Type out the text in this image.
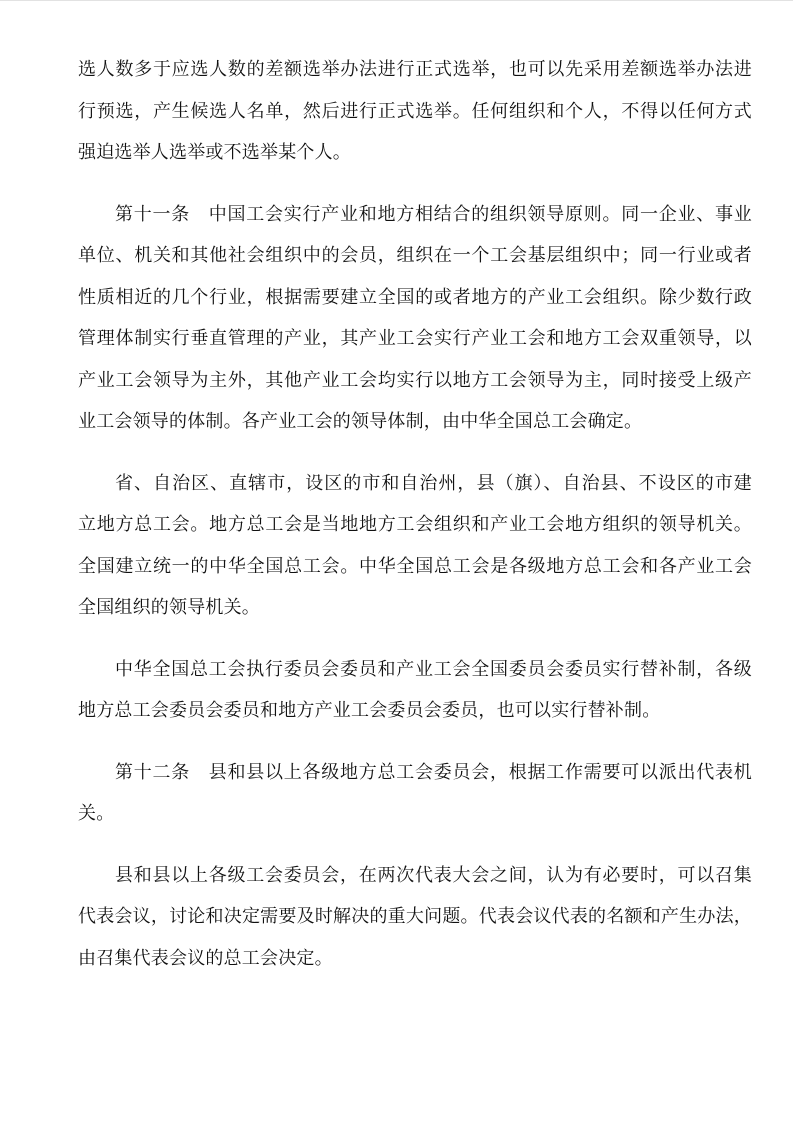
选人数多于应选人数的差额选举办法进行正式选举，也可以先采用差额选举办法进
行预选，产生候选人名单，然后进行正式选举。任何组织和个人，不得以任何方式
强迫选举人选举或不选举某个人。

第十一条　中国工会实行产业和地方相结合的组织领导原则。同一企业、事业
单位、机关和其他社会组织中的会员，组织在一个工会基层组织中；同一行业或者
性质相近的几个行业，根据需要建立全国的或者地方的产业工会组织。除少数行政
管理体制实行垂直管理的产业，其产业工会实行产业工会和地方工会双重领导，以
产业工会领导为主外，其他产业工会均实行以地方工会领导为主，同时接受上级产
业工会领导的体制。各产业工会的领导体制，由中华全国总工会确定。

省、自治区、直辖市，设区的市和自治州，县（旗）、自治县、不设区的市建
立地方总工会。地方总工会是当地地方工会组织和产业工会地方组织的领导机关。
全国建立统一的中华全国总工会。中华全国总工会是各级地方总工会和各产业工会
全国组织的领导机关。

中华全国总工会执行委员会委员和产业工会全国委员会委员实行替补制，各级
地方总工会委员会委员和地方产业工会委员会委员，也可以实行替补制。

第十二条　县和县以上各级地方总工会委员会，根据工作需要可以派出代表机
关。

县和县以上各级工会委员会，在两次代表大会之间，认为有必要时，可以召集
代表会议，讨论和决定需要及时解决的重大问题。代表会议代表的名额和产生办法，
由召集代表会议的总工会决定。
